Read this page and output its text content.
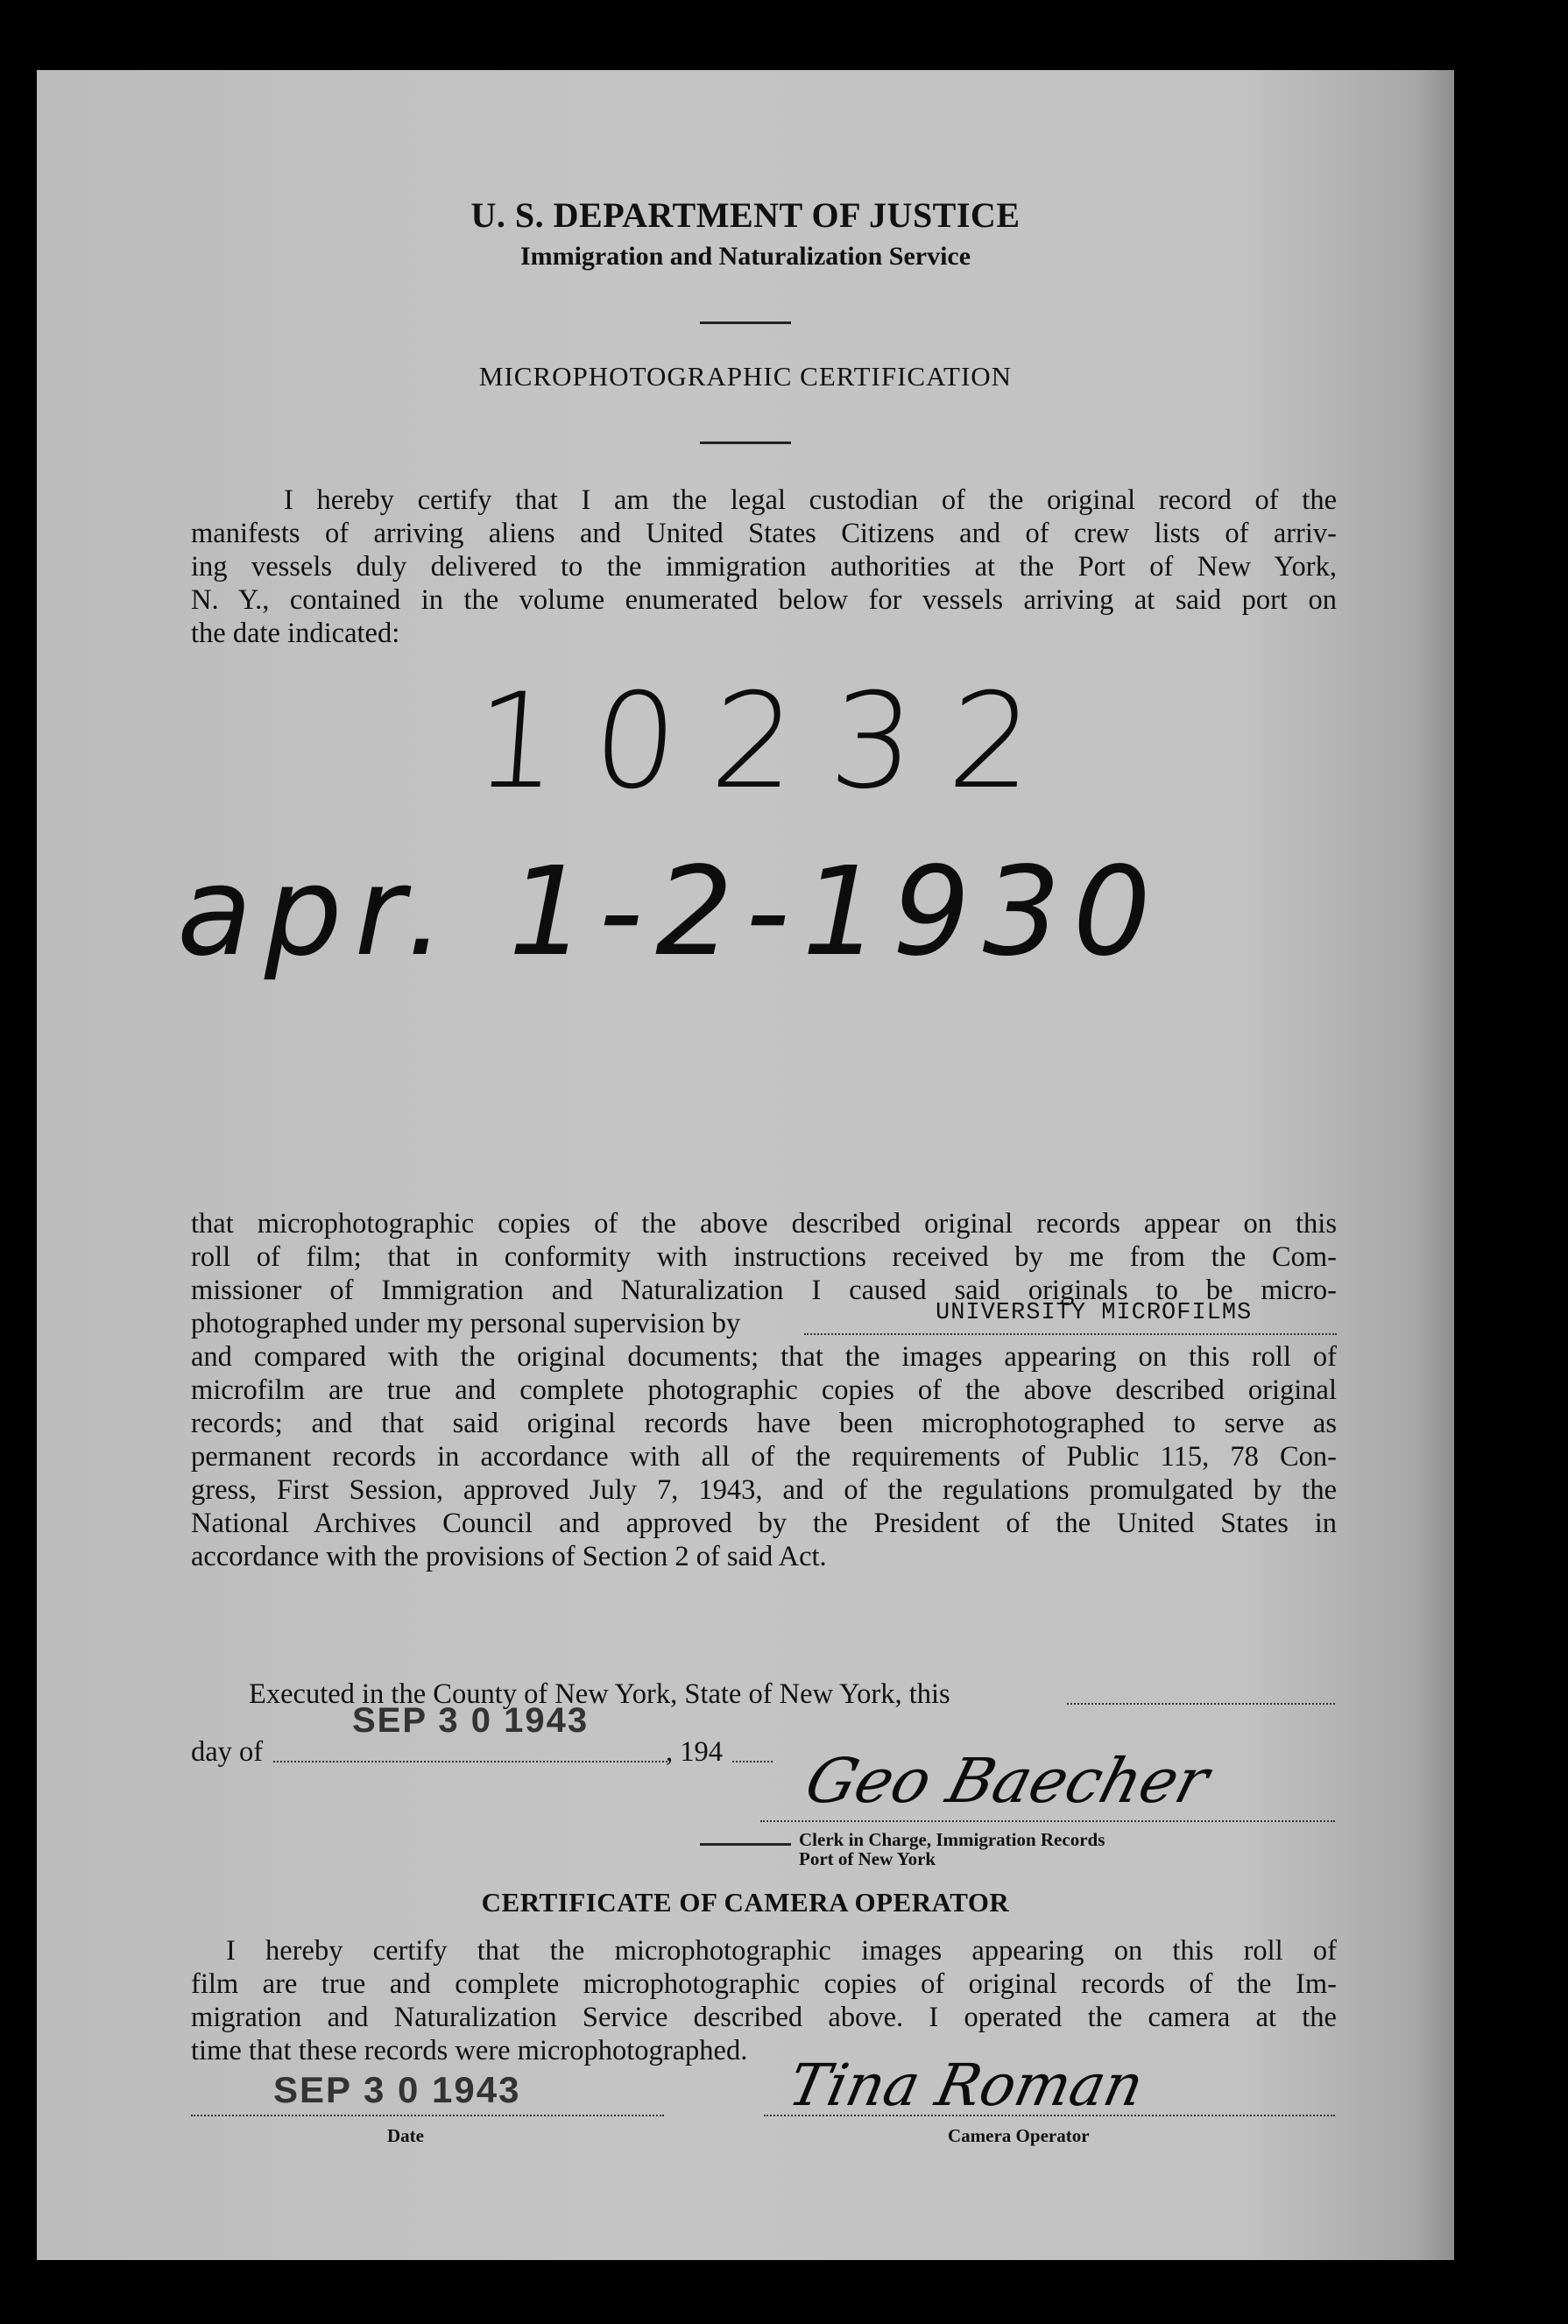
U. S. DEPARTMENT OF JUSTICE
Immigration and Naturalization Service
MICROPHOTOGRAPHIC CERTIFICATION
I hereby certify that I am the legal custodian of the original record of the
manifests of arriving aliens and United States Citizens and of crew lists of arriv-
ing vessels duly delivered to the immigration authorities at the Port of New York,
N. Y., contained in the volume enumerated below for vessels arriving at said port on
the date indicated:
10232
apr. 1-2-1930
that microphotographic copies of the above described original records appear on this
roll of film; that in conformity with instructions received by me from the Com-
missioner of Immigration and Naturalization I caused said originals to be micro-
photographed under my personal supervision by	UNIVERSITY MICROFILMS
and compared with the original documents; that the images appearing on this roll of
microfilm are true and complete photographic copies of the above described original
records; and that said original records have been microphotographed to serve as
permanent records in accordance with all of the requirements of Public 115, 78 Con-
gress, First Session, approved July 7, 1943, and of the regulations promulgated by the
National Archives Council and approved by the President of the United States in
accordance with the provisions of Section 2 of said Act.
Executed in the County of New York, State of New York, this
SEP 3 0 1943
day of	, 194 Geo Baecher
Clerk in Charge, Immigration Records
Port of New York
CERTIFICATE OF CAMERA OPERATOR
I hereby certify that the microphotographic images appearing on this roll of
film are true and complete microphotographic copies of original records of the Im-
migration and Naturalization Service described above. I operated the camera at the
time that these records were microphotographed.
SEP 3 0 1943
Date
Tina Roman
Camera Operator
